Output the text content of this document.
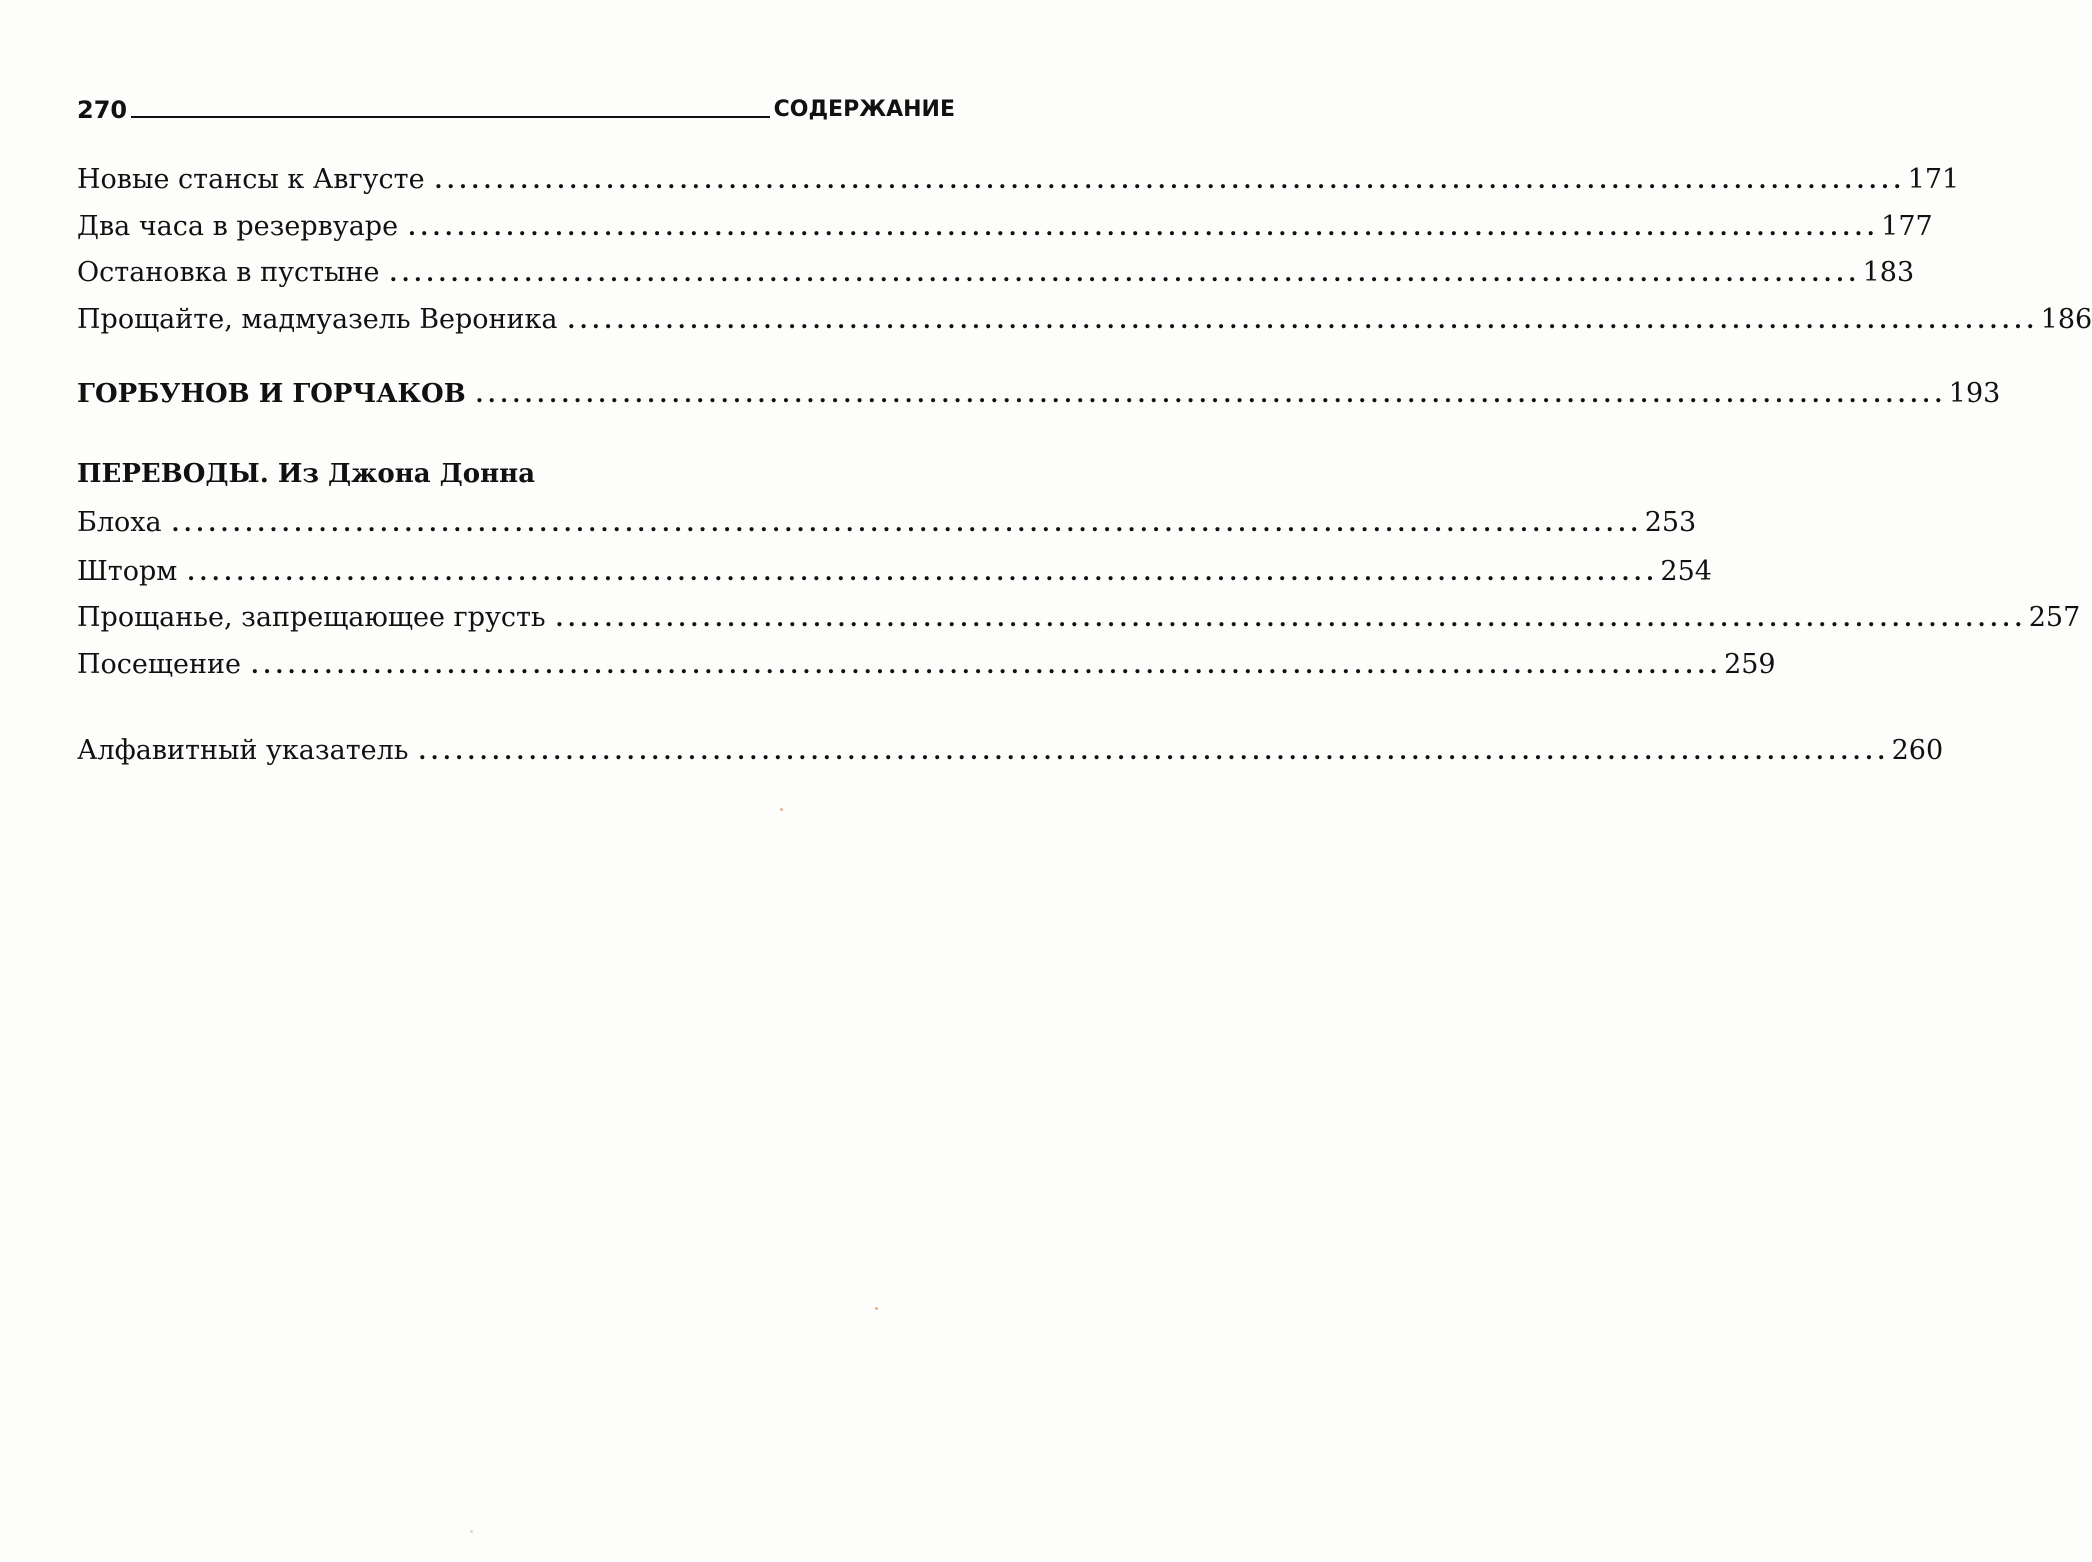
270	СОДЕРЖАНИЕ
Новые стансы к Августе ........................................................................................................................ 171
Два часа в резервуаре ........................................................................................................................ 177
Остановка в пустыне ........................................................................................................................ 183
Прощайте, мадмуазель Вероника ........................................................................................................................ 186
ГОРБУНОВ И ГОРЧАКОВ ........................................................................................................................ 193
ПЕРЕВОДЫ. Из Джона Донна
Блоха ........................................................................................................................ 253
Шторм ........................................................................................................................ 254
Прощанье, запрещающее грусть ........................................................................................................................ 257
Посещение ........................................................................................................................ 259
Алфавитный указатель ........................................................................................................................ 260
